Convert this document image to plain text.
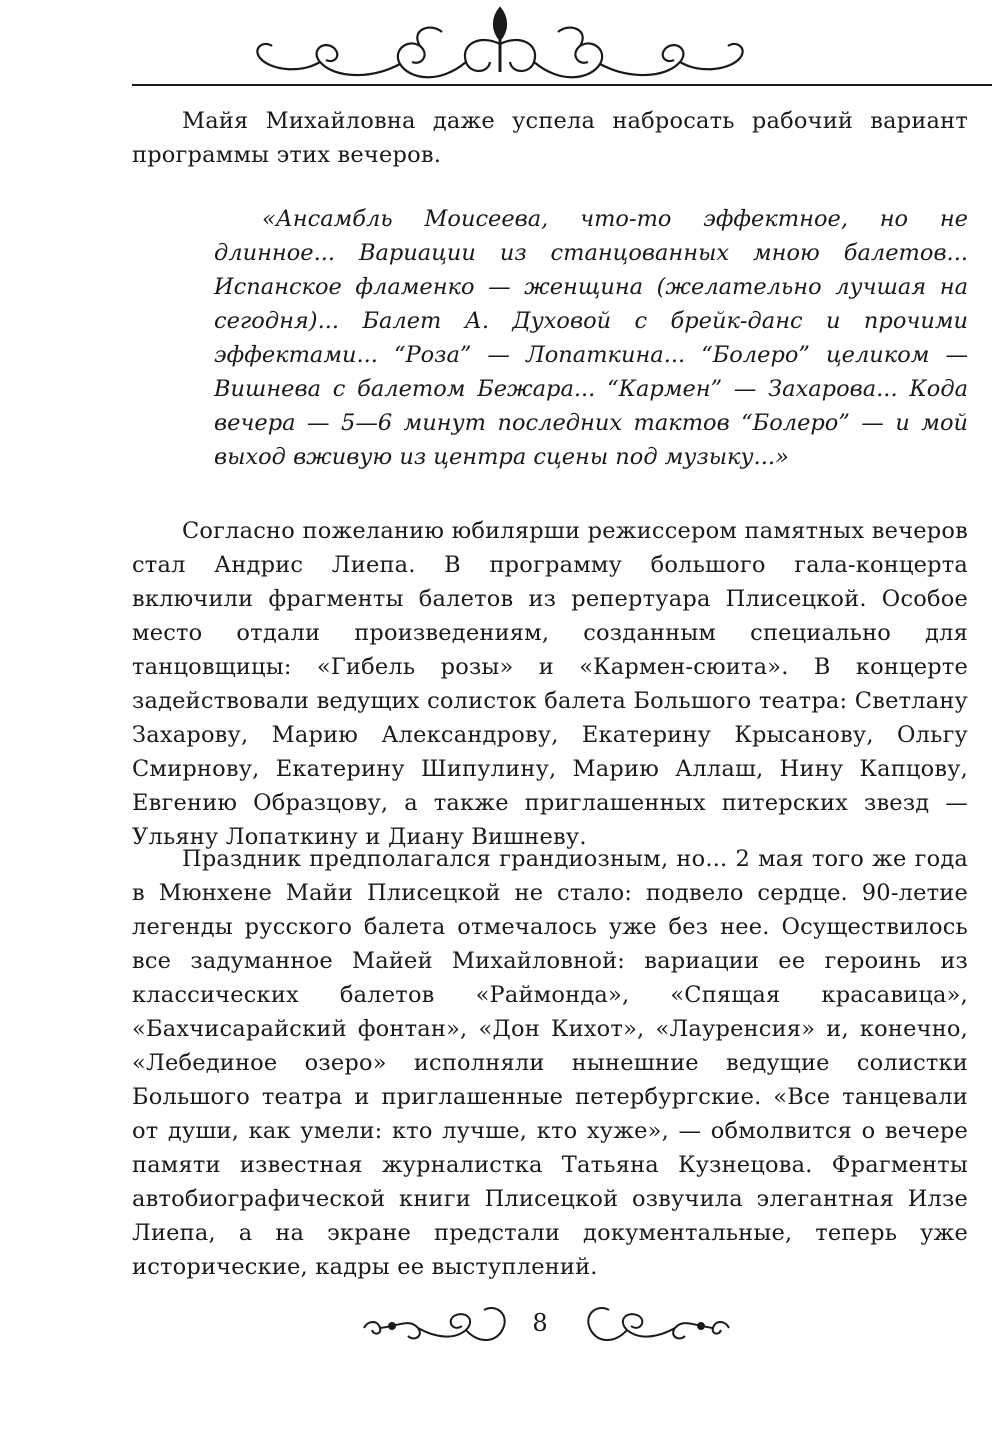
Майя Михайловна даже успела набросать рабочий вариант программы этих вечеров.

«Ансамбль Моисеева, что-то эффектное, но не длинное... Вариации из станцованных мною балетов... Испанское фламенко — женщина (желательно лучшая на сегодня)... Балет А. Духовой с брейк-данс и прочими эффектами... “Роза” — Лопаткина... “Болеро” целиком — Вишнева с балетом Бежара... “Кармен” — Захарова... Кода вечера — 5—6 минут последних тактов “Болеро” — и мой выход вживую из центра сцены под музыку...»

Согласно пожеланию юбилярши режиссером памятных вечеров стал Андрис Лиепа. В программу большого гала-концерта включили фрагменты балетов из репертуара Плисецкой. Особое место отдали произведениям, созданным специально для танцовщицы: «Гибель розы» и «Кармен-сюита». В концерте задействовали ведущих солисток балета Большого театра: Светлану Захарову, Марию Александрову, Екатерину Крысанову, Ольгу Смирнову, Екатерину Шипулину, Марию Аллаш, Нину Капцову, Евгению Образцову, а также приглашенных питерских звезд — Ульяну Лопаткину и Диану Вишневу.

Праздник предполагался грандиозным, но... 2 мая того же года в Мюнхене Майи Плисецкой не стало: подвело сердце. 90-летие легенды русского балета отмечалось уже без нее. Осуществилось все задуманное Майей Михайловной: вариации ее героинь из классических балетов «Раймонда», «Спящая красавица», «Бахчисарайский фонтан», «Дон Кихот», «Лауренсия» и, конечно, «Лебединое озеро» исполняли нынешние ведущие солистки Большого театра и приглашенные петербургские. «Все танцевали от души, как умели: кто лучше, кто хуже», — обмолвится о вечере памяти известная журналистка Татьяна Кузнецова. Фрагменты автобиографической книги Плисецкой озвучила элегантная Илзе Лиепа, а на экране предстали документальные, теперь уже исторические, кадры ее выступлений.

8
